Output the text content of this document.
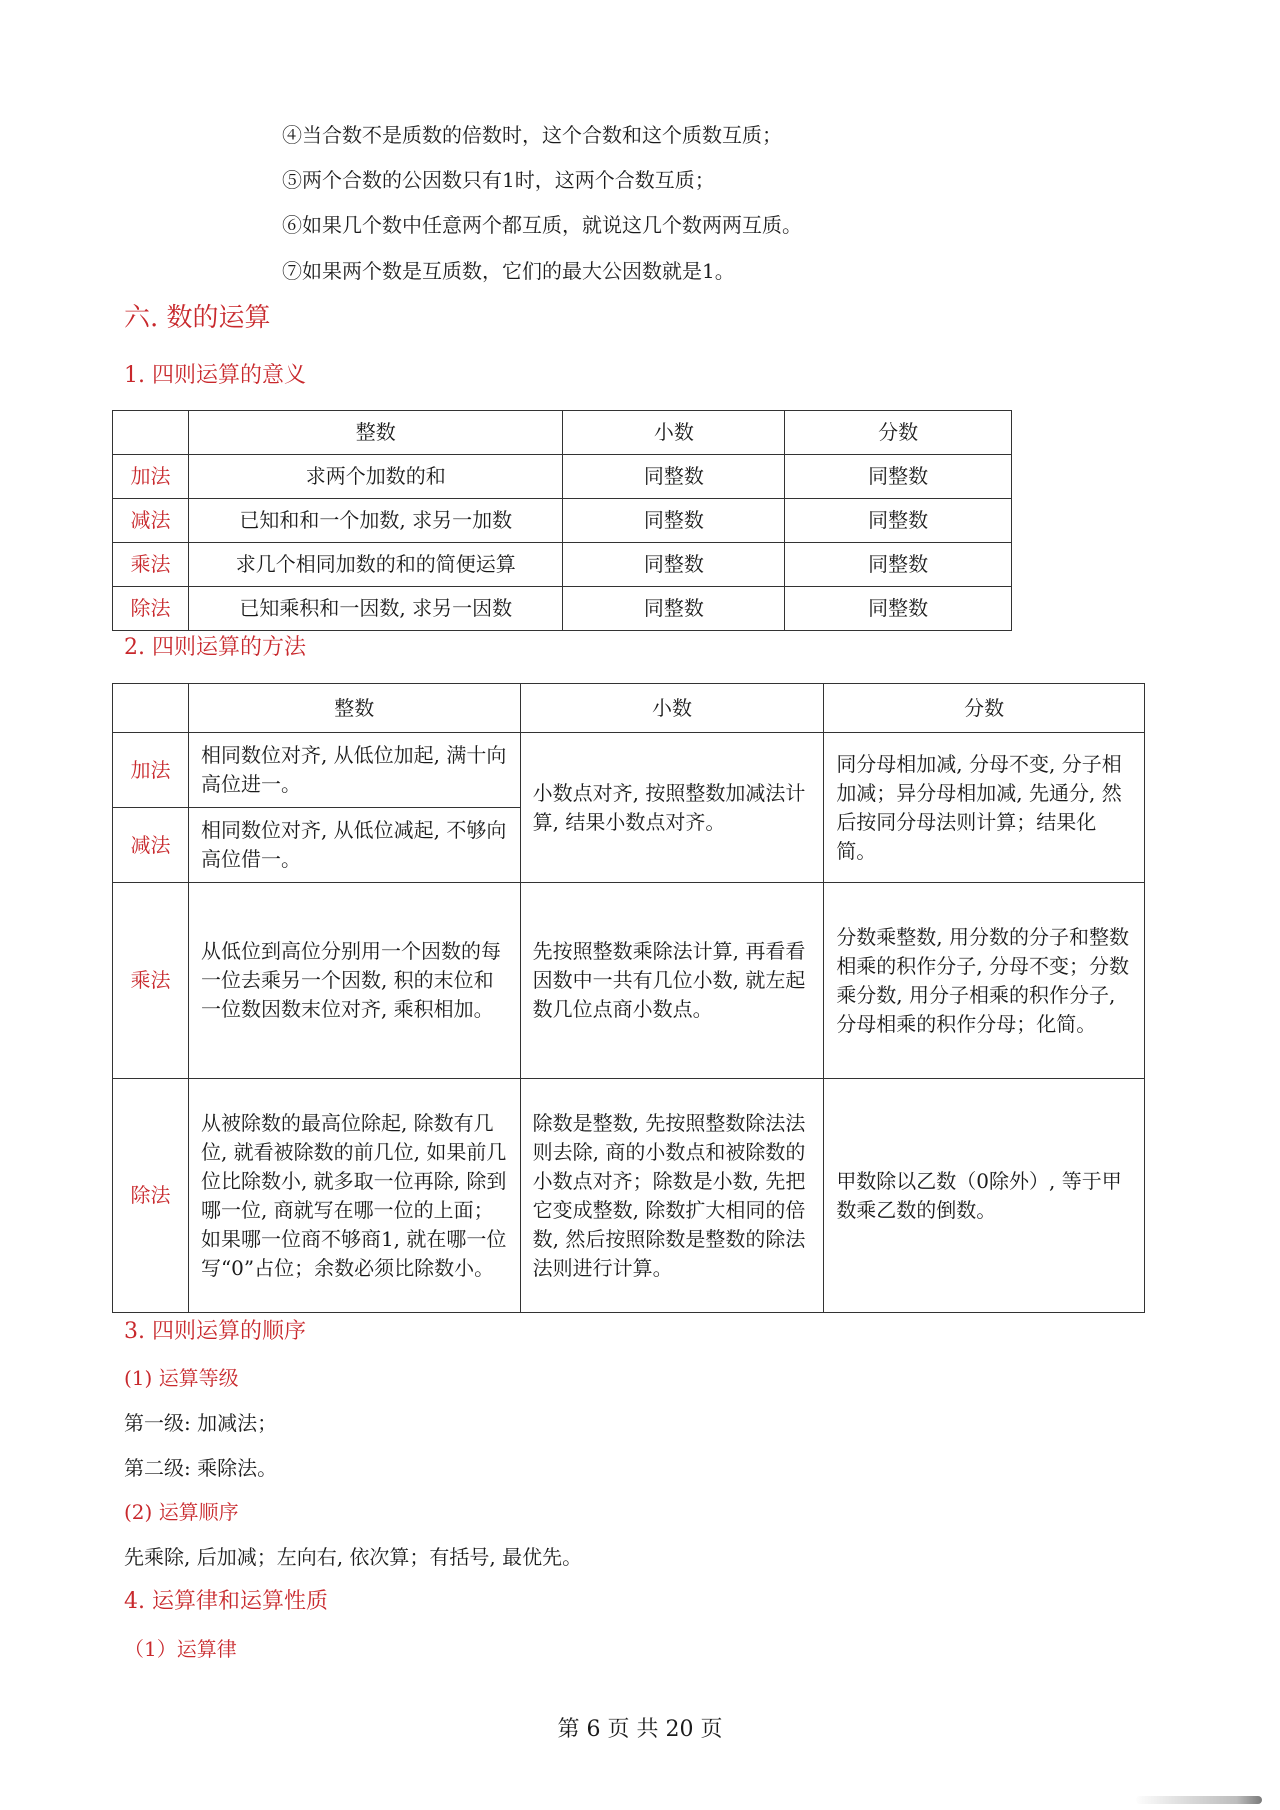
④当合数不是质数的倍数时，这个合数和这个质数互质；
⑤两个合数的公因数只有1时，这两个合数互质；
⑥如果几个数中任意两个都互质，就说这几个数两两互质。
⑦如果两个数是互质数，它们的最大公因数就是1。
六. 数的运算
1. 四则运算的意义
	整数	小数	分数
加法	求两个加数的和	同整数	同整数
减法	已知和和一个加数, 求另一加数	同整数	同整数
乘法	求几个相同加数的和的简便运算	同整数	同整数
除法	已知乘积和一因数, 求另一因数	同整数	同整数
2. 四则运算的方法
	整数	小数	分数
加法	相同数位对齐, 从低位加起, 满十向高位进一。	小数点对齐, 按照整数加减法计算, 结果小数点对齐。	同分母相加减, 分母不变, 分子相加减；异分母相加减, 先通分, 然后按同分母法则计算；结果化简。
减法	相同数位对齐, 从低位减起, 不够向高位借一。		
乘法	从低位到高位分别用一个因数的每一位去乘另一个因数, 积的末位和一位数因数末位对齐, 乘积相加。	先按照整数乘除法计算, 再看看因数中一共有几位小数, 就左起数几位点商小数点。	分数乘整数, 用分数的分子和整数相乘的积作分子, 分母不变；分数乘分数, 用分子相乘的积作分子, 分母相乘的积作分母；化简。
除法	从被除数的最高位除起, 除数有几位, 就看被除数的前几位, 如果前几位比除数小, 就多取一位再除, 除到哪一位, 商就写在哪一位的上面；如果哪一位商不够商1, 就在哪一位写“0”占位；余数必须比除数小。	除数是整数, 先按照整数除法法则去除, 商的小数点和被除数的小数点对齐；除数是小数, 先把它变成整数, 除数扩大相同的倍数, 然后按照除数是整数的除法法则进行计算。	甲数除以乙数（0除外）, 等于甲数乘乙数的倒数。
3. 四则运算的顺序
(1) 运算等级
第一级: 加减法；
第二级: 乘除法。
(2) 运算顺序
先乘除, 后加减；左向右, 依次算；有括号, 最优先。
4. 运算律和运算性质
（1）运算律
第 6 页 共 20 页
